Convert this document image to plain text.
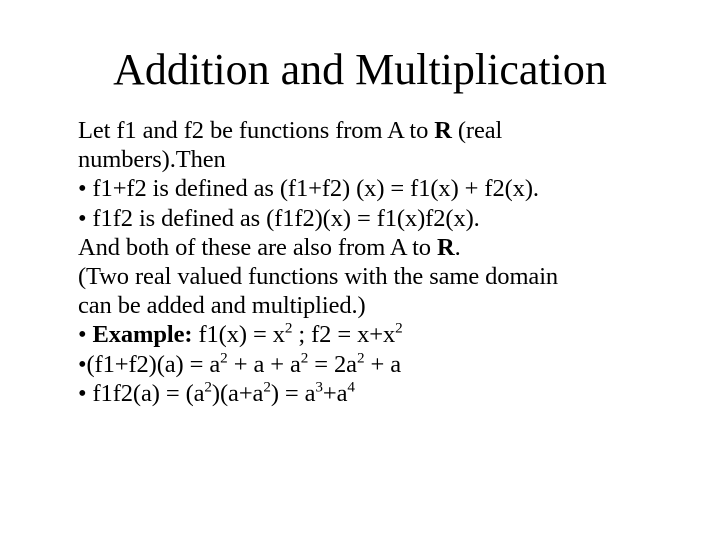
Addition and Multiplication
Let f1 and f2 be functions from A to R (real
numbers).Then
• f1+f2 is defined as (f1+f2) (x) = f1(x) + f2(x).
• f1f2 is defined as (f1f2)(x) = f1(x)f2(x).
And both of these are also from A to R.
(Two real valued functions with the same domain
can be added and multiplied.)
• Example: $f1(x) = x^2$ ; $f2 = x+x^2$
•(f1+f2)(a) = $a^2 + a + a^2 = 2a^2 + a$
• $f1f2(a) = (a^2)(a+a^2) = a^3+a^4$
